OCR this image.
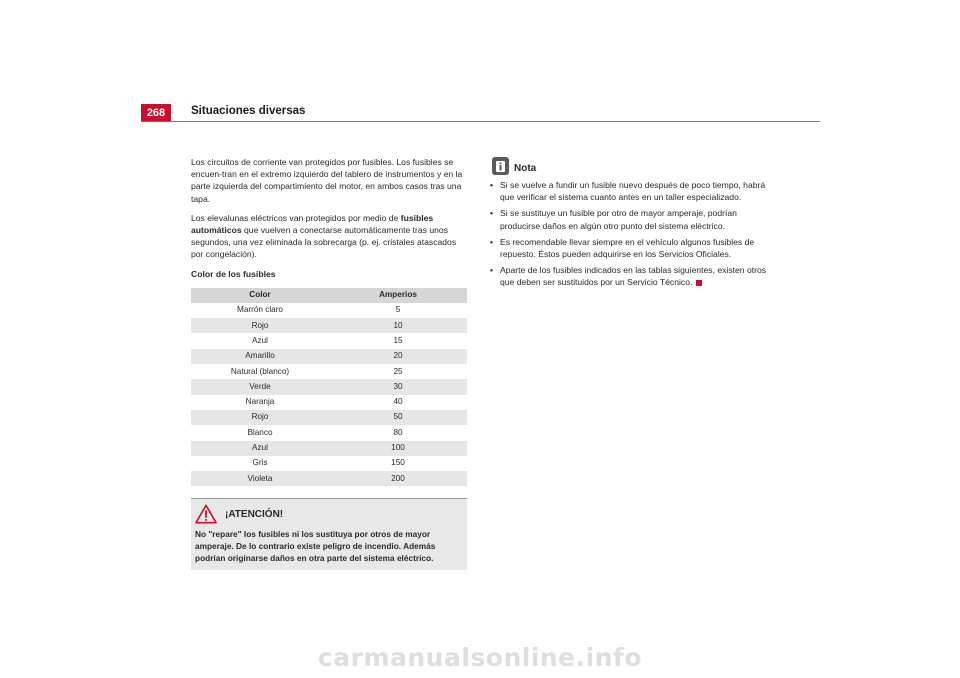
268	Situaciones diversas

Los circuitos de corriente van protegidos por fusibles. Los fusibles se encuen-tran en el extremo izquierdo del tablero de instrumentos y en la parte izquierda del compartimiento del motor, en ambos casos tras una tapa.

Los elevalunas eléctricos van protegidos por medio de fusibles automáticos que vuelven a conectarse automáticamente tras unos segundos, una vez eliminada la sobrecarga (p. ej. cristales atascados por congelación).

Color de los fusibles
Color	Amperios
Marrón claro	5
Rojo	10
Azul	15
Amarillo	20
Natural (blanco)	25
Verde	30
Naranja	40
Rojo	50
Blanco	80
Azul	100
Gris	150
Violeta	200
¡ATENCIÓN!
No "repare" los fusibles ni los sustituya por otros de mayor amperaje. De lo contrario existe peligro de incendio. Además podrían originarse daños en otra parte del sistema eléctrico.
Nota
• Si se vuelve a fundir un fusible nuevo después de poco tiempo, habrá que verificar el sistema cuanto antes en un taller especializado.
• Si se sustituye un fusible por otro de mayor amperaje, podrían producirse daños en algún otro punto del sistema eléctrico.
• Es recomendable llevar siempre en el vehículo algunos fusibles de repuesto. Éstos pueden adquirirse en los Servicios Oficiales.
• Aparte de los fusibles indicados en las tablas siguientes, existen otros que deben ser sustituidos por un Servicio Técnico.
carmanualsonline.info
